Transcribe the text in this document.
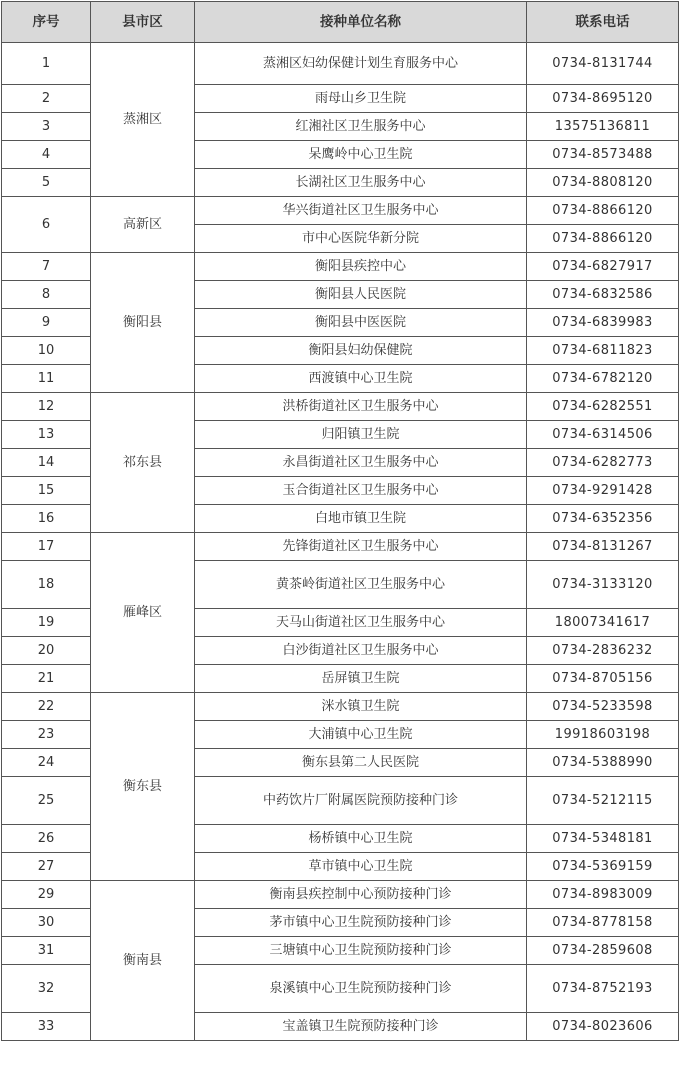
序号	县市区	接种单位名称	联系电话
1	蒸湘区	蒸湘区妇幼保健计划生育服务中心	0734-8131744
2		雨母山乡卫生院	0734-8695120
3		红湘社区卫生服务中心	13575136811
4		呆鹰岭中心卫生院	0734-8573488
5		长湖社区卫生服务中心	0734-8808120
6	高新区	华兴街道社区卫生服务中心	0734-8866120
		市中心医院华新分院	0734-8866120
7	衡阳县	衡阳县疾控中心	0734-6827917
8		衡阳县人民医院	0734-6832586
9		衡阳县中医医院	0734-6839983
10		衡阳县妇幼保健院	0734-6811823
11		西渡镇中心卫生院	0734-6782120
12	祁东县	洪桥街道社区卫生服务中心	0734-6282551
13		归阳镇卫生院	0734-6314506
14		永昌街道社区卫生服务中心	0734-6282773
15		玉合街道社区卫生服务中心	0734-9291428
16		白地市镇卫生院	0734-6352356
17	雁峰区	先锋街道社区卫生服务中心	0734-8131267
18		黄茶岭街道社区卫生服务中心	0734-3133120
19		天马山街道社区卫生服务中心	18007341617
20		白沙街道社区卫生服务中心	0734-2836232
21		岳屏镇卫生院	0734-8705156
22	衡东县	洣水镇卫生院	0734-5233598
23		大浦镇中心卫生院	19918603198
24		衡东县第二人民医院	0734-5388990
25		中药饮片厂附属医院预防接种门诊	0734-5212115
26		杨桥镇中心卫生院	0734-5348181
27		草市镇中心卫生院	0734-5369159
29	衡南县	衡南县疾控制中心预防接种门诊	0734-8983009
30		茅市镇中心卫生院预防接种门诊	0734-8778158
31		三塘镇中心卫生院预防接种门诊	0734-2859608
32		泉溪镇中心卫生院预防接种门诊	0734-8752193
33		宝盖镇卫生院预防接种门诊	0734-8023606
